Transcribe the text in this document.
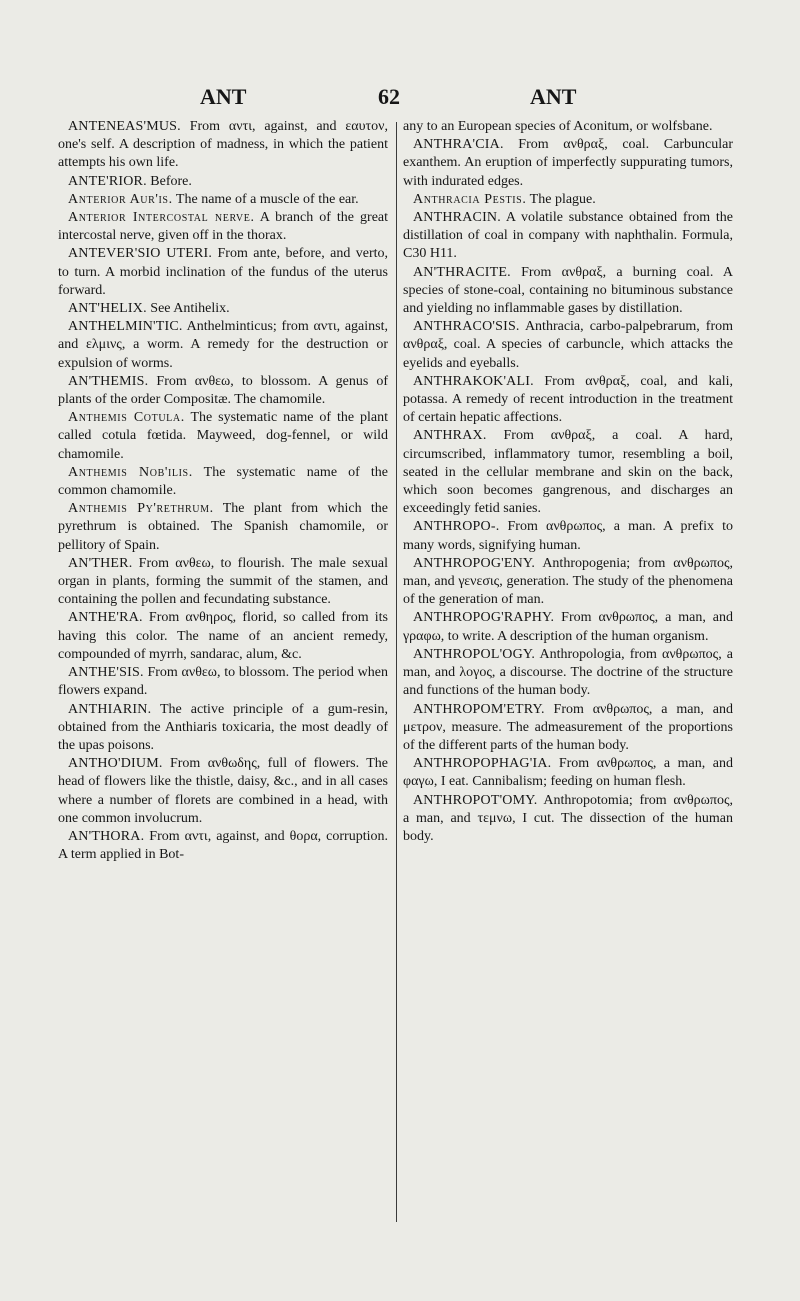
ANT	62	ANT

ANTENEAS'MUS. From αντι, against, and εαυτον, one's self. A description of madness, in which the patient attempts his own life.

ANTE'RIOR. Before.

Anterior Aur'is. The name of a muscle of the ear.

Anterior Intercostal nerve. A branch of the great intercostal nerve, given off in the thorax.

ANTEVER'SIO UTERI. From ante, before, and verto, to turn. A morbid inclination of the fundus of the uterus forward.

ANT'HELIX. See Antihelix.

ANTHELMIN'TIC. Anthelminticus; from αντι, against, and ελμινς, a worm. A remedy for the destruction or expulsion of worms.

AN'THEMIS. From ανθεω, to blossom. A genus of plants of the order Compositæ. The chamomile.

Anthemis Cotula. The systematic name of the plant called cotula fœtida. Mayweed, dog-fennel, or wild chamomile.

Anthemis Nob'ilis. The systematic name of the common chamomile.

Anthemis Py'rethrum. The plant from which the pyrethrum is obtained. The Spanish chamomile, or pellitory of Spain.

AN'THER. From ανθεω, to flourish. The male sexual organ in plants, forming the summit of the stamen, and containing the pollen and fecundating substance.

ANTHE'RA. From ανθηρος, florid, so called from its having this color. The name of an ancient remedy, compounded of myrrh, sandarac, alum, &c.

ANTHE'SIS. From ανθεω, to blossom. The period when flowers expand.

ANTHIARIN. The active principle of a gum-resin, obtained from the Anthiaris toxicaria, the most deadly of the upas poisons.

ANTHO'DIUM. From ανθωδης, full of flowers. The head of flowers like the thistle, daisy, &c., and in all cases where a number of florets are combined in a head, with one common involucrum.

AN'THORA. From αντι, against, and θορα, corruption. A term applied in Bot-

any to an European species of Aconitum, or wolfsbane.

ANTHRA'CIA. From ανθραξ, coal. Carbuncular exanthem. An eruption of imperfectly suppurating tumors, with indurated edges.

Anthracia Pestis. The plague.

ANTHRACIN. A volatile substance obtained from the distillation of coal in company with naphthalin. Formula, C30 H11.

AN'THRACITE. From ανθραξ, a burning coal. A species of stone-coal, containing no bituminous substance and yielding no inflammable gases by distillation.

ANTHRACO'SIS. Anthracia, carbo-palpebrarum, from ανθραξ, coal. A species of carbuncle, which attacks the eyelids and eyeballs.

ANTHRAKOK'ALI. From ανθραξ, coal, and kali, potassa. A remedy of recent introduction in the treatment of certain hepatic affections.

ANTHRAX. From ανθραξ, a coal. A hard, circumscribed, inflammatory tumor, resembling a boil, seated in the cellular membrane and skin on the back, which soon becomes gangrenous, and discharges an exceedingly fetid sanies.

ANTHROPO-. From ανθρωπος, a man. A prefix to many words, signifying human.

ANTHROPOG'ENY. Anthropogenia; from ανθρωπος, man, and γενεσις, generation. The study of the phenomena of the generation of man.

ANTHROPOG'RAPHY. From ανθρωπος, a man, and γραφω, to write. A description of the human organism.

ANTHROPOL'OGY. Anthropologia, from ανθρωπος, a man, and λογος, a discourse. The doctrine of the structure and functions of the human body.

ANTHROPOM'ETRY. From ανθρωπος, a man, and μετρον, measure. The admeasurement of the proportions of the different parts of the human body.

ANTHROPOPHAG'IA. From ανθρωπος, a man, and φαγω, I eat. Cannibalism; feeding on human flesh.

ANTHROPOT'OMY. Anthropotomia; from ανθρωπος, a man, and τεμνω, I cut. The dissection of the human body.
